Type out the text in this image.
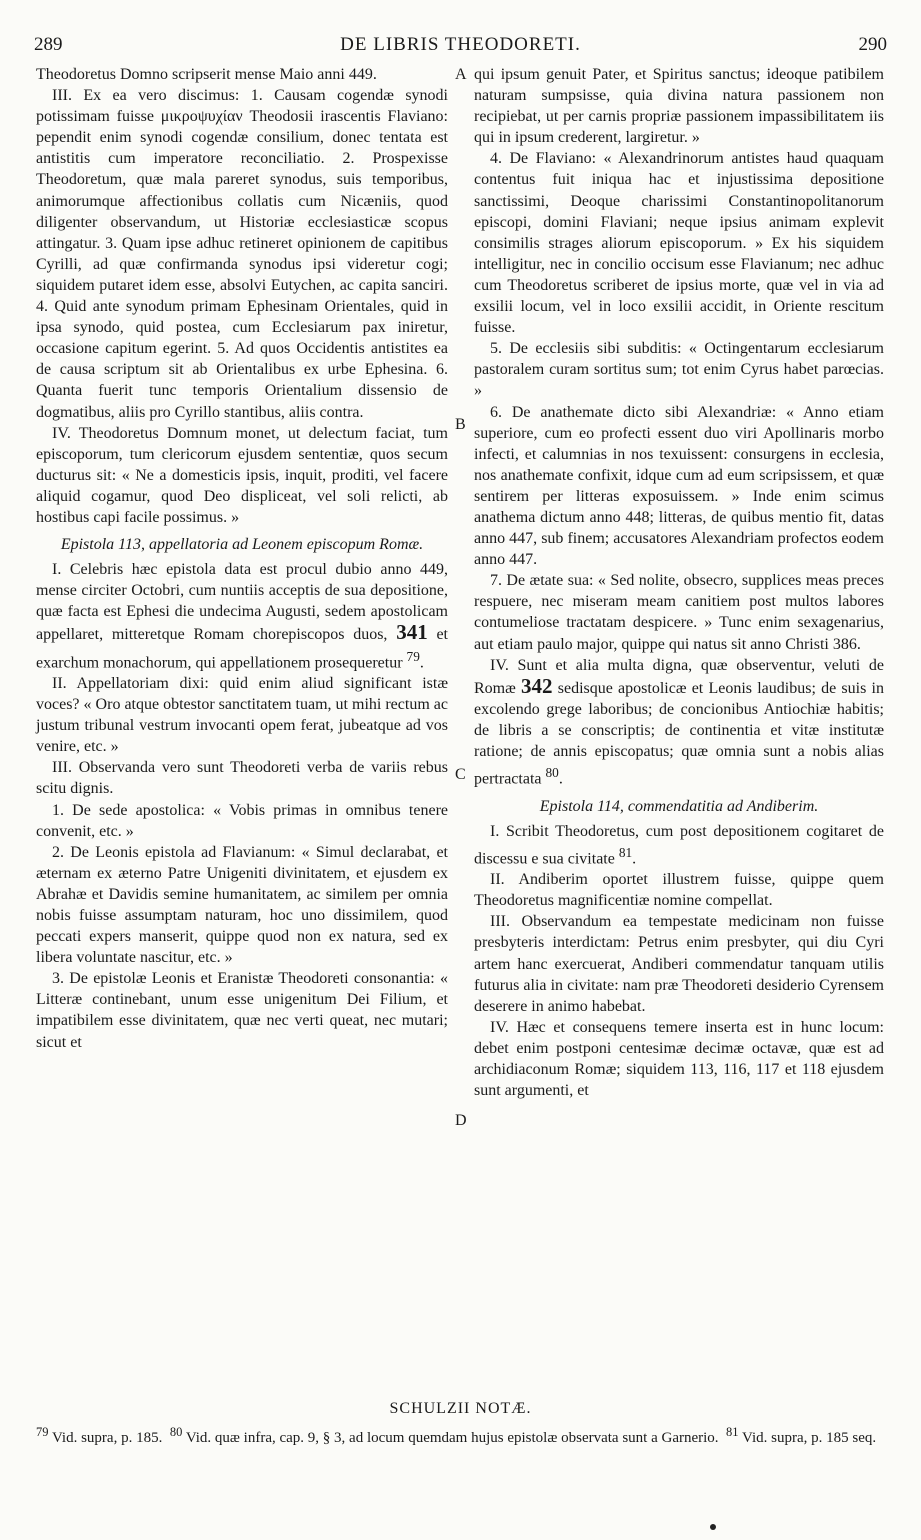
289	DE LIBRIS THEODORETI.	290
A
B
C
D

Theodoretus Domno scripserit mense Maio anni 449.

III. Ex ea vero discimus: 1. Causam cogendæ synodi potissimam fuisse μικροψυχίαν Theodosii irascentis Flaviano: pependit enim synodi cogendæ consilium, donec tentata est antistitis cum imperatore reconciliatio. 2. Prospexisse Theodoretum, quæ mala pareret synodus, suis temporibus, animorumque affectionibus collatis cum Nicæniis, quod diligenter observandum, ut Historiæ ecclesiasticæ scopus attingatur. 3. Quam ipse adhuc retineret opinionem de capitibus Cyrilli, ad quæ confirmanda synodus ipsi videretur cogi; siquidem putaret idem esse, absolvi Eutychen, ac capita sanciri. 4. Quid ante synodum primam Ephesinam Orientales, quid in ipsa synodo, quid postea, cum Ecclesiarum pax iniretur, occasione capitum egerint. 5. Ad quos Occidentis antistites ea de causa scriptum sit ab Orientalibus ex urbe Ephesina. 6. Quanta fuerit tunc temporis Orientalium dissensio de dogmatibus, aliis pro Cyrillo stantibus, aliis contra.

IV. Theodoretus Domnum monet, ut delectum faciat, tum episcoporum, tum clericorum ejusdem sententiæ, quos secum ducturus sit: « Ne a domesticis ipsis, inquit, proditi, vel facere aliquid cogamur, quod Deo displiceat, vel soli relicti, ab hostibus capi facile possimus. »

Epistola 113, appellatoria ad Leonem episcopum Romæ.

I. Celebris hæc epistola data est procul dubio anno 449, mense circiter Octobri, cum nuntiis acceptis de sua depositione, quæ facta est Ephesi die undecima Augusti, sedem apostolicam appellaret, mitteretque Romam chorepiscopos duos, 341 et exarchum monachorum, qui appellationem prosequeretur $^{79}$.

II. Appellatoriam dixi: quid enim aliud significant istæ voces? « Oro atque obtestor sanctitatem tuam, ut mihi rectum ac justum tribunal vestrum invocanti opem ferat, jubeatque ad vos venire, etc. »

III. Observanda vero sunt Theodoreti verba de variis rebus scitu dignis.

1. De sede apostolica: « Vobis primas in omnibus tenere convenit, etc. »

2. De Leonis epistola ad Flavianum: « Simul declarabat, et æternam ex æterno Patre Unigeniti divinitatem, et ejusdem ex Abrahæ et Davidis semine humanitatem, ac similem per omnia nobis fuisse assumptam naturam, hoc uno dissimilem, quod peccati expers manserit, quippe quod non ex natura, sed ex libera voluntate nascitur, etc. »

3. De epistolæ Leonis et Eranistæ Theodoreti consonantia: « Litteræ continebant, unum esse unigenitum Dei Filium, et impatibilem esse divinitatem, quæ nec verti queat, nec mutari; sicut et

qui ipsum genuit Pater, et Spiritus sanctus; ideoque patibilem naturam sumpsisse, quia divina natura passionem non recipiebat, ut per carnis propriæ passionem impassibilitatem iis qui in ipsum crederent, largiretur. »

4. De Flaviano: « Alexandrinorum antistes haud quaquam contentus fuit iniqua hac et injustissima depositione sanctissimi, Deoque charissimi Constantinopolitanorum episcopi, domini Flaviani; neque ipsius animam explevit consimilis strages aliorum episcoporum. » Ex his siquidem intelligitur, nec in concilio occisum esse Flavianum; nec adhuc cum Theodoretus scriberet de ipsius morte, quæ vel in via ad exsilii locum, vel in loco exsilii accidit, in Oriente rescitum fuisse.

5. De ecclesiis sibi subditis: « Octingentarum ecclesiarum pastoralem curam sortitus sum; tot enim Cyrus habet parœcias. »

6. De anathemate dicto sibi Alexandriæ: « Anno etiam superiore, cum eo profecti essent duo viri Apollinaris morbo infecti, et calumnias in nos texuissent: consurgens in ecclesia, nos anathemate confixit, idque cum ad eum scripsissem, et quæ sentirem per litteras exposuissem. » Inde enim scimus anathema dictum anno 448; litteras, de quibus mentio fit, datas anno 447, sub finem; accusatores Alexandriam profectos eodem anno 447.

7. De ætate sua: « Sed nolite, obsecro, supplices meas preces respuere, nec miseram meam canitiem post multos labores contumeliose tractatam despicere. » Tunc enim sexagenarius, aut etiam paulo major, quippe qui natus sit anno Christi 386.

IV. Sunt et alia multa digna, quæ observentur, veluti de Romæ 342 sedisque apostolicæ et Leonis laudibus; de suis in excolendo grege laboribus; de concionibus Antiochiæ habitis; de libris a se conscriptis; de continentia et vitæ institutæ ratione; de annis episcopatus; quæ omnia sunt a nobis alias pertractata $^{80}$.

Epistola 114, commendatitia ad Andiberim.

I. Scribit Theodoretus, cum post depositionem cogitaret de discessu e sua civitate $^{81}$.

II. Andiberim oportet illustrem fuisse, quippe quem Theodoretus magnificentiæ nomine compellat.

III. Observandum ea tempestate medicinam non fuisse presbyteris interdictam: Petrus enim presbyter, qui diu Cyri artem hanc exercuerat, Andiberi commendatur tanquam utilis futurus alia in civitate: nam præ Theodoreti desiderio Cyrensem deserere in animo habebat.

IV. Hæc et consequens temere inserta est in hunc locum: debet enim postponi centesimæ decimæ octavæ, quæ est ad archidiaconum Romæ; siquidem 113, 116, 117 et 118 ejusdem sunt argumenti, et

SCHULZII NOTÆ.
$^{79}$ Vid. supra, p. 185. $^{80}$ Vid. quæ infra, cap. 9, § 3, ad locum quemdam hujus epistolæ observata sunt a Garnerio. $^{81}$ Vid. supra, p. 185 seq.
